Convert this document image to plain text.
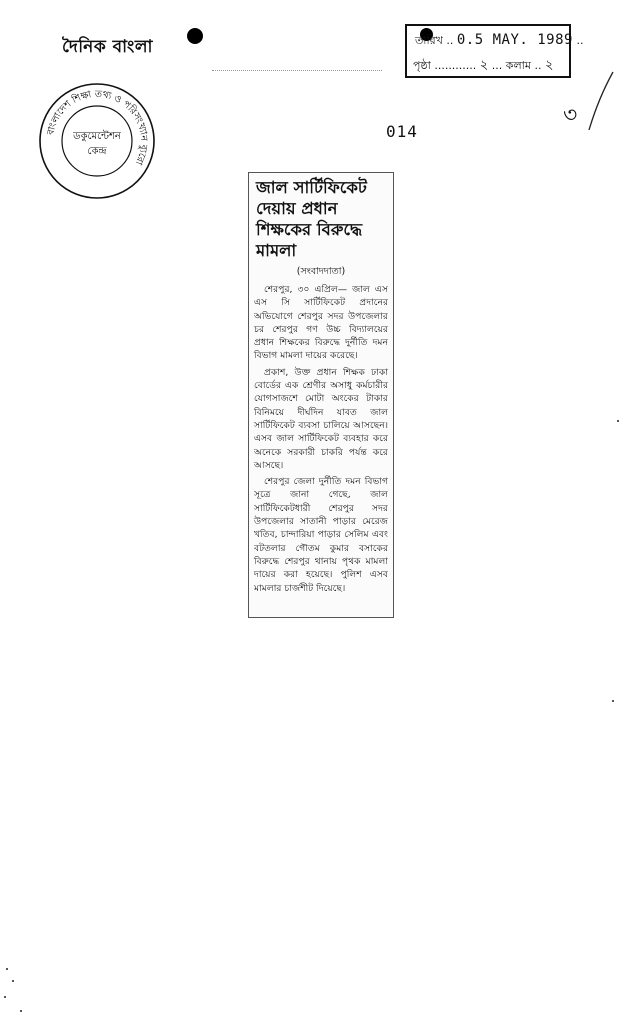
দৈনিক বাংলা	তারিখ .. 0.5 MAY. 1989 ..
পৃষ্ঠা ............ ২ ... কলাম .. ২
৩
বাংলাদেশ শিক্ষা তথ্য ও পরিসংখ্যান ব্যুরো
ডকুমেন্টেশন
কেন্দ্র
014
জাল সার্টিফিকেট
দেয়ায় প্রধান
শিক্ষকের বিরুদ্ধে
মামলা
(সংবাদদাতা)

শেরপুর, ৩০ এপ্রিল— জাল এস এস সি সার্টিফিকেট প্রদানের অভিযোগে শেরপুর সদর উপজেলার চর শেরপুর গণ উচ্চ বিদ্যালয়ের প্রধান শিক্ষকের বিরুদ্ধে দুর্নীতি দমন বিভাগ মামলা দায়ের করেছে।

প্রকাশ, উক্ত প্রধান শিক্ষক ঢাকা বোর্ডের এক শ্রেণীর অসাধু কর্মচারীর যোগসাজশে মোটা অংকের টাকার বিনিময়ে দীর্ঘদিন যাবত জাল সার্টিফিকেট ব্যবসা চালিয়ে আসছেন। এসব জাল সার্টিফিকেট ব্যবহার করে অনেকে সরকারী চাকরি পর্যন্ত করে আসছে।

শেরপুর জেলা দুর্নীতি দমন বিভাগ সূত্রে জানা গেছে, জাল সার্টিফিকেটধারী শেরপুর সদর উপজেলার সাতানী পাড়ার মেরেজ খতিব, চান্দারিয়া পাড়ার সেলিম এবং বটতলার গৌতম কুমার বসাকের বিরুদ্ধে শেরপুর থানায় পৃথক মামলা দায়ের করা হয়েছে। পুলিশ এসব মামলার চার্জশীট দিয়েছে।
